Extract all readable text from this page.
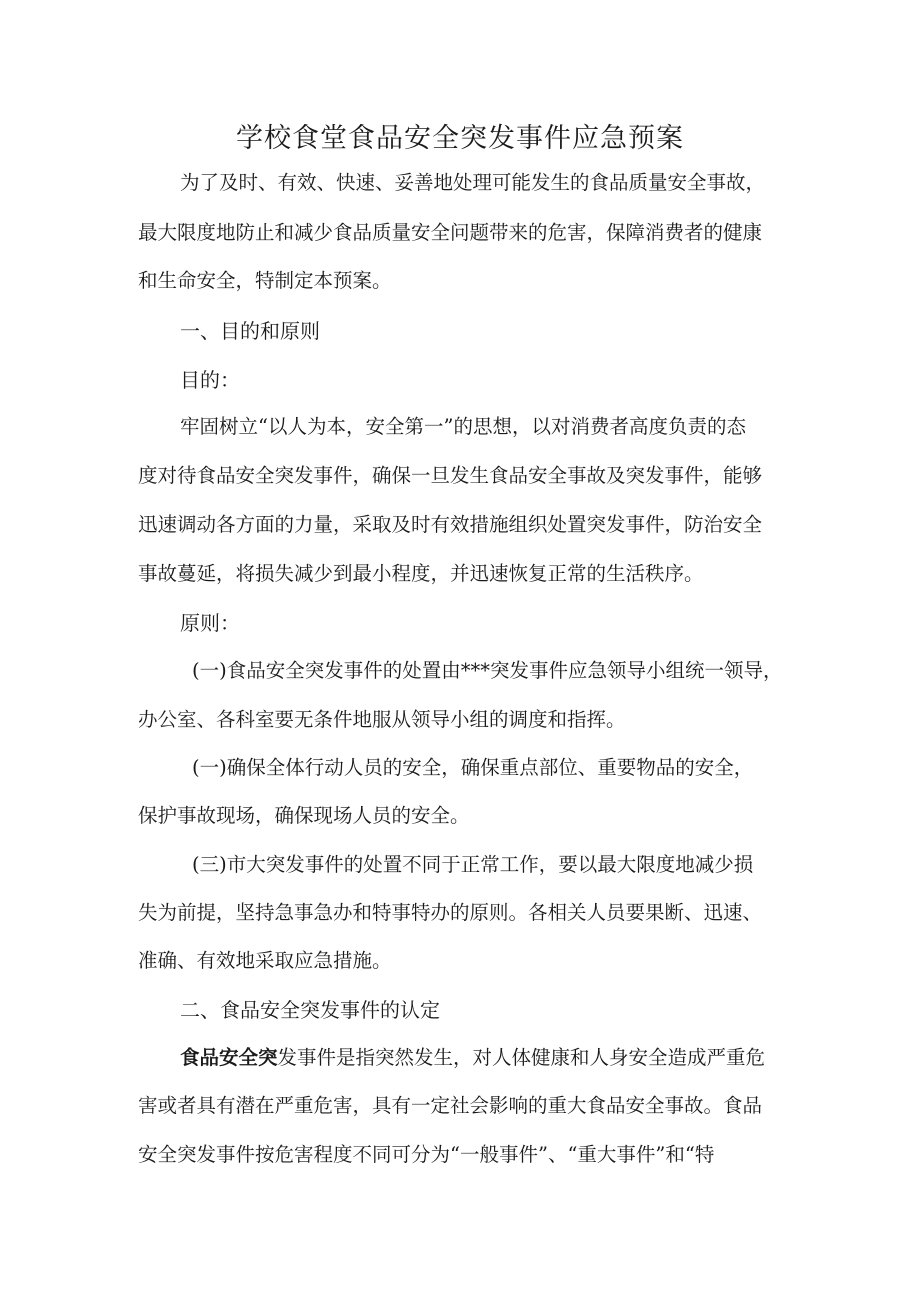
学校食堂食品安全突发事件应急预案
为了及时、有效、快速、妥善地处理可能发生的食品质量安全事故，
最大限度地防止和减少食品质量安全问题带来的危害，保障消费者的健康
和生命安全，特制定本预案。
一、目的和原则
目的：
牢固树立“以人为本，安全第一”的思想，以对消费者高度负责的态
度对待食品安全突发事件，确保一旦发生食品安全事故及突发事件，能够
迅速调动各方面的力量，采取及时有效措施组织处置突发事件，防治安全
事故蔓延，将损失减少到最小程度，并迅速恢复正常的生活秩序。
原则：
(一)食品安全突发事件的处置由***突发事件应急领导小组统一领导，
办公室、各科室要无条件地服从领导小组的调度和指挥。
(一)确保全体行动人员的安全，确保重点部位、重要物品的安全，
保护事故现场，确保现场人员的安全。
(三)市大突发事件的处置不同于正常工作，要以最大限度地减少损
失为前提，坚持急事急办和特事特办的原则。各相关人员要果断、迅速、
准确、有效地采取应急措施。
二、食品安全突发事件的认定
食品安全突发事件是指突然发生，对人体健康和人身安全造成严重危
害或者具有潜在严重危害，具有一定社会影响的重大食品安全事故。食品
安全突发事件按危害程度不同可分为“一般事件”、“重大事件”和“特
